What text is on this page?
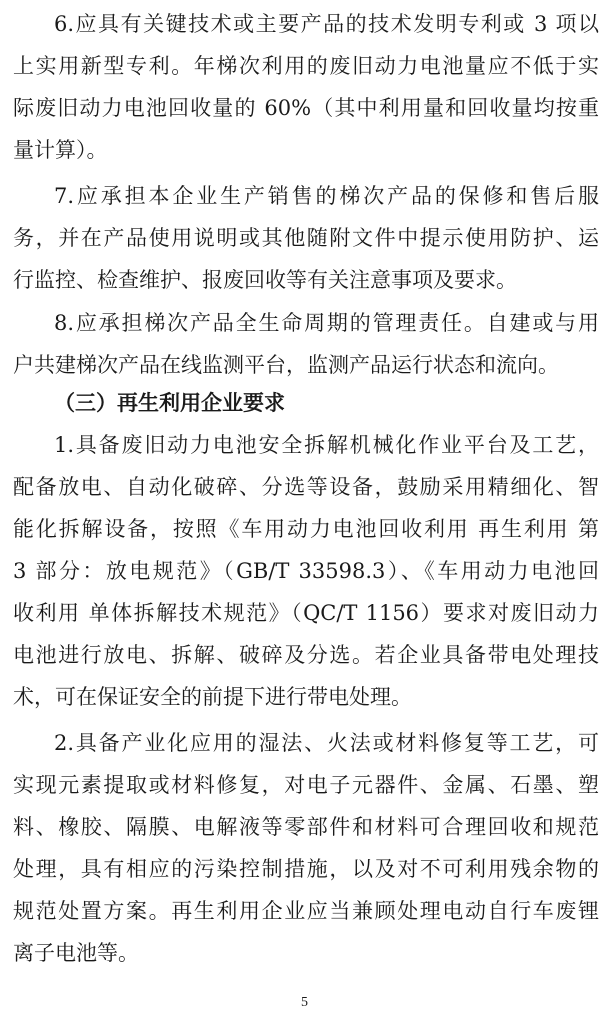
6.应具有关键技术或主要产品的技术发明专利或 3 项以
上实用新型专利。年梯次利用的废旧动力电池量应不低于实
际废旧动力电池回收量的 60%（其中利用量和回收量均按重
量计算）。
7.应承担本企业生产销售的梯次产品的保修和售后服
务，并在产品使用说明或其他随附文件中提示使用防护、运
行监控、检查维护、报废回收等有关注意事项及要求。
8.应承担梯次产品全生命周期的管理责任。自建或与用
户共建梯次产品在线监测平台，监测产品运行状态和流向。
（三）再生利用企业要求
1.具备废旧动力电池安全拆解机械化作业平台及工艺，
配备放电、自动化破碎、分选等设备，鼓励采用精细化、智
能化拆解设备，按照《车用动力电池回收利用 再生利用 第
3 部分：放电规范》（GB/T 33598.3）、《车用动力电池回
收利用 单体拆解技术规范》（QC/T 1156）要求对废旧动力
电池进行放电、拆解、破碎及分选。若企业具备带电处理技
术，可在保证安全的前提下进行带电处理。
2.具备产业化应用的湿法、火法或材料修复等工艺，可
实现元素提取或材料修复，对电子元器件、金属、石墨、塑
料、橡胶、隔膜、电解液等零部件和材料可合理回收和规范
处理，具有相应的污染控制措施，以及对不可利用残余物的
规范处置方案。再生利用企业应当兼顾处理电动自行车废锂
离子电池等。
5
